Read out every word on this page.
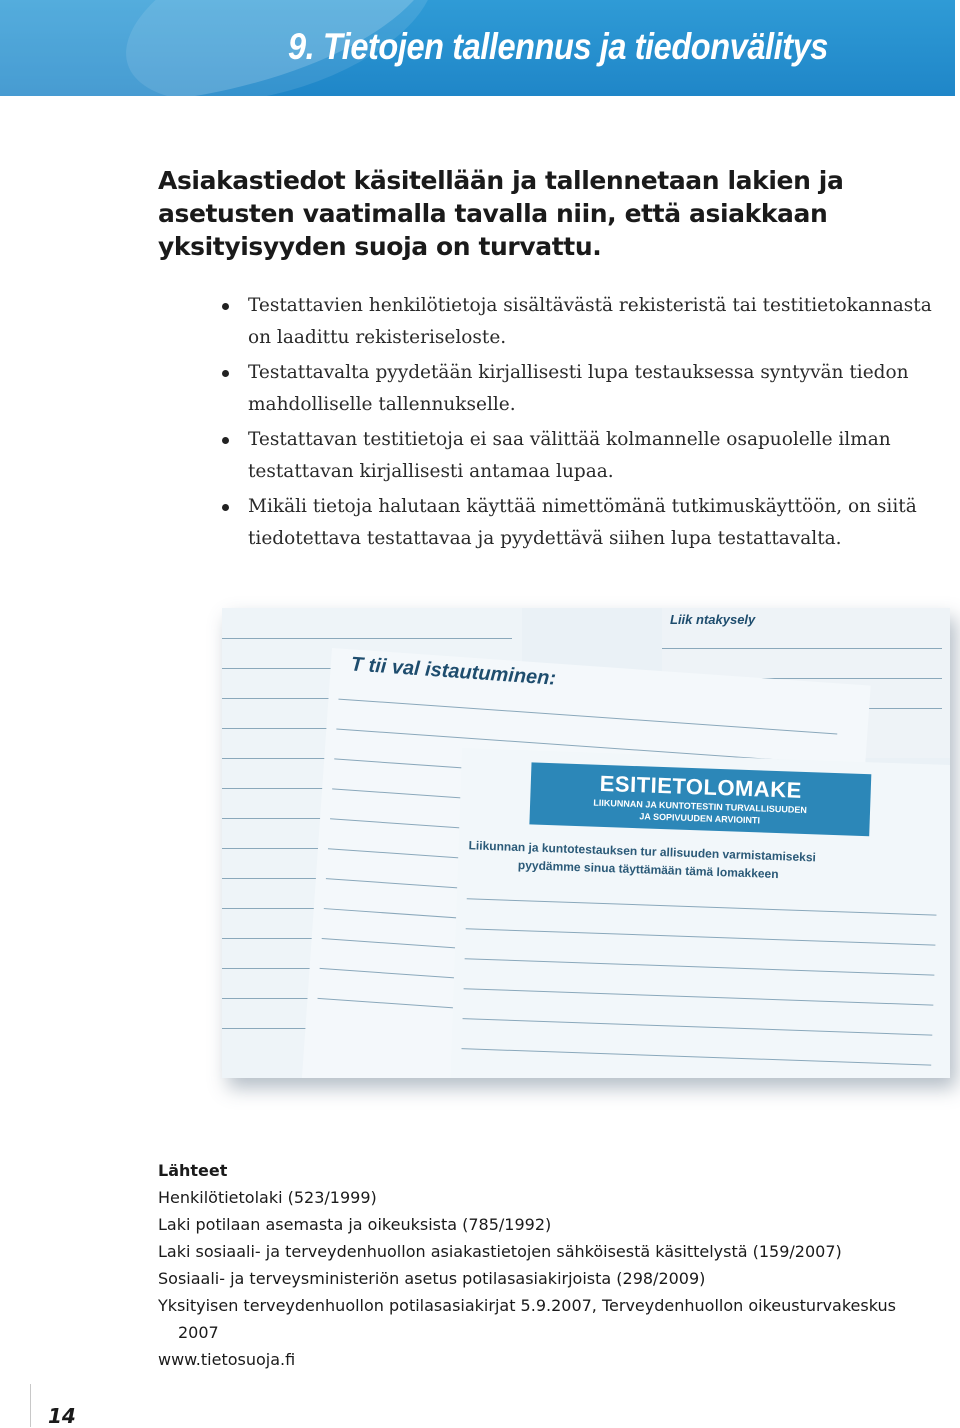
9. Tietojen tallennus ja tiedonvälitys
Asiakastiedot käsitellään ja tallennetaan lakien ja asetusten vaatimalla tavalla niin, että asiakkaan yksityisyyden suoja on turvattu.
Testattavien henkilötietoja sisältävästä rekisteristä tai testitietokannasta on laadittu rekisteriseloste.
Testattavalta pyydetään kirjallisesti lupa testauksessa syntyvän tiedon mahdolliselle tallennukselle.
Testattavan testitietoja ei saa välittää kolmannelle osapuolelle ilman testattavan kirjallisesti antamaa lupaa.
Mikäli tietoja halutaan käyttää nimettömänä tutkimuskäyttöön, on siitä tiedotettava testattavaa ja pyydettävä siihen lupa testattavalta.
Liik ntakysely
T tii val istautuminen:
ESITIETOLOMAKE
LIIKUNNAN JA KUNTOTESTIN TURVALLISUUDEN
JA SOPIVUUDEN ARVIOINTI
Liikunnan ja kuntotestauksen tur allisuuden varmistamiseksi
pyydämme sinua täyttämään tämä lomakkeen
Lähteet
Henkilötietolaki (523/1999)
Laki potilaan asemasta ja oikeuksista (785/1992)
Laki sosiaali- ja terveydenhuollon asiakastietojen sähköisestä käsittelystä (159/2007)
Sosiaali- ja terveysministeriön asetus potilasasiakirjoista (298/2009)
Yksityisen terveydenhuollon potilasasiakirjat 5.9.2007, Terveydenhuollon oikeusturvakeskus
2007
www.tietosuoja.fi
14
